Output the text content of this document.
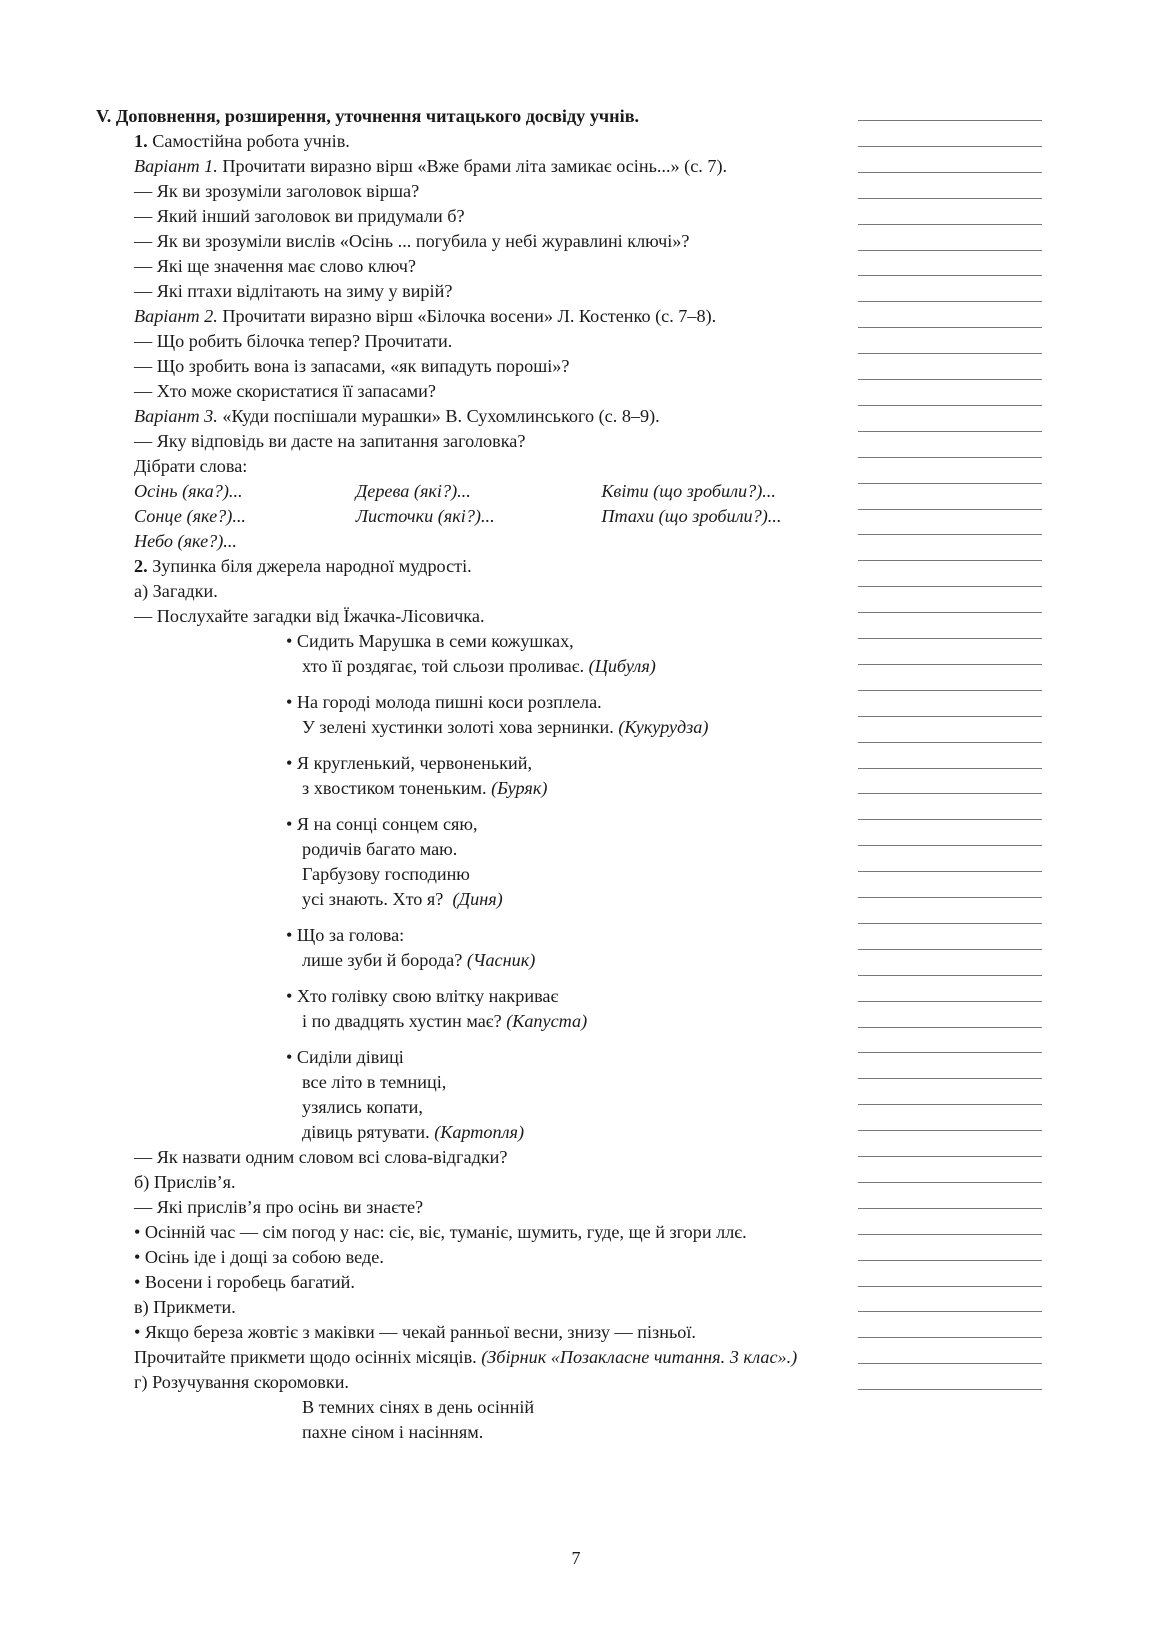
V. Доповнення, розширення, уточнення читацького досвіду учнів.
1. Самостійна робота учнів.
Варіант 1. Прочитати виразно вірш «Вже брами літа замикає осінь...» (с. 7).
— Як ви зрозуміли заголовок вірша?
— Який інший заголовок ви придумали б?
— Як ви зрозуміли вислів «Осінь ... погубила у небі журавлині ключі»?
— Які ще значення має слово ключ?
— Які птахи відлітають на зиму у вирій?
Варіант 2. Прочитати виразно вірш «Білочка восени» Л. Костенко (с. 7–8).
— Що робить білочка тепер? Прочитати.
— Що зробить вона із запасами, «як випадуть пороші»?
— Хто може скористатися її запасами?
Варіант 3. «Куди поспішали мурашки» В. Сухомлинського (с. 8–9).
— Яку відповідь ви дасте на запитання заголовка?
Дібрати слова:
Осінь (яка?)...	Дерева (які?)...	Квіти (що зробили?)...
Сонце (яке?)...	Листочки (які?)...	Птахи (що зробили?)...
Небо (яке?)...
2. Зупинка біля джерела народної мудрості.
а) Загадки.
— Послухайте загадки від Їжачка-Лісовичка.
• Сидить Марушка в семи кожушках,
хто її роздягає, той сльози проливає. (Цибуля)
• На городі молода пишні коси розплела.
У зелені хустинки золоті хова зернинки. (Кукурудза)
• Я кругленький, червоненький,
з хвостиком тоненьким. (Буряк)
• Я на сонці сонцем сяю,
родичів багато маю.
Гарбузову господиню
усі знають. Хто я? (Диня)
• Що за голова:
лише зуби й борода? (Часник)
• Хто голівку свою влітку накриває
і по двадцять хустин має? (Капуста)
• Сиділи дівиці
все літо в темниці,
узялись копати,
дівиць рятувати. (Картопля)
— Як назвати одним словом всі слова-відгадки?
б) Прислів’я.
— Які прислів’я про осінь ви знаєте?
• Осінній час — сім погод у нас: сіє, віє, туманіє, шумить, гуде, ще й згори ллє.
• Осінь іде і дощі за собою веде.
• Восени і горобець багатий.
в) Прикмети.
• Якщо береза жовтіє з маківки — чекай ранньої весни, знизу — пізньої.
Прочитайте прикмети щодо осінніх місяців. (Збірник «Позакласне читання. 3 клас».)
г) Розучування скоромовки.
В темних сінях в день осінній
пахне сіном і насінням.
7
